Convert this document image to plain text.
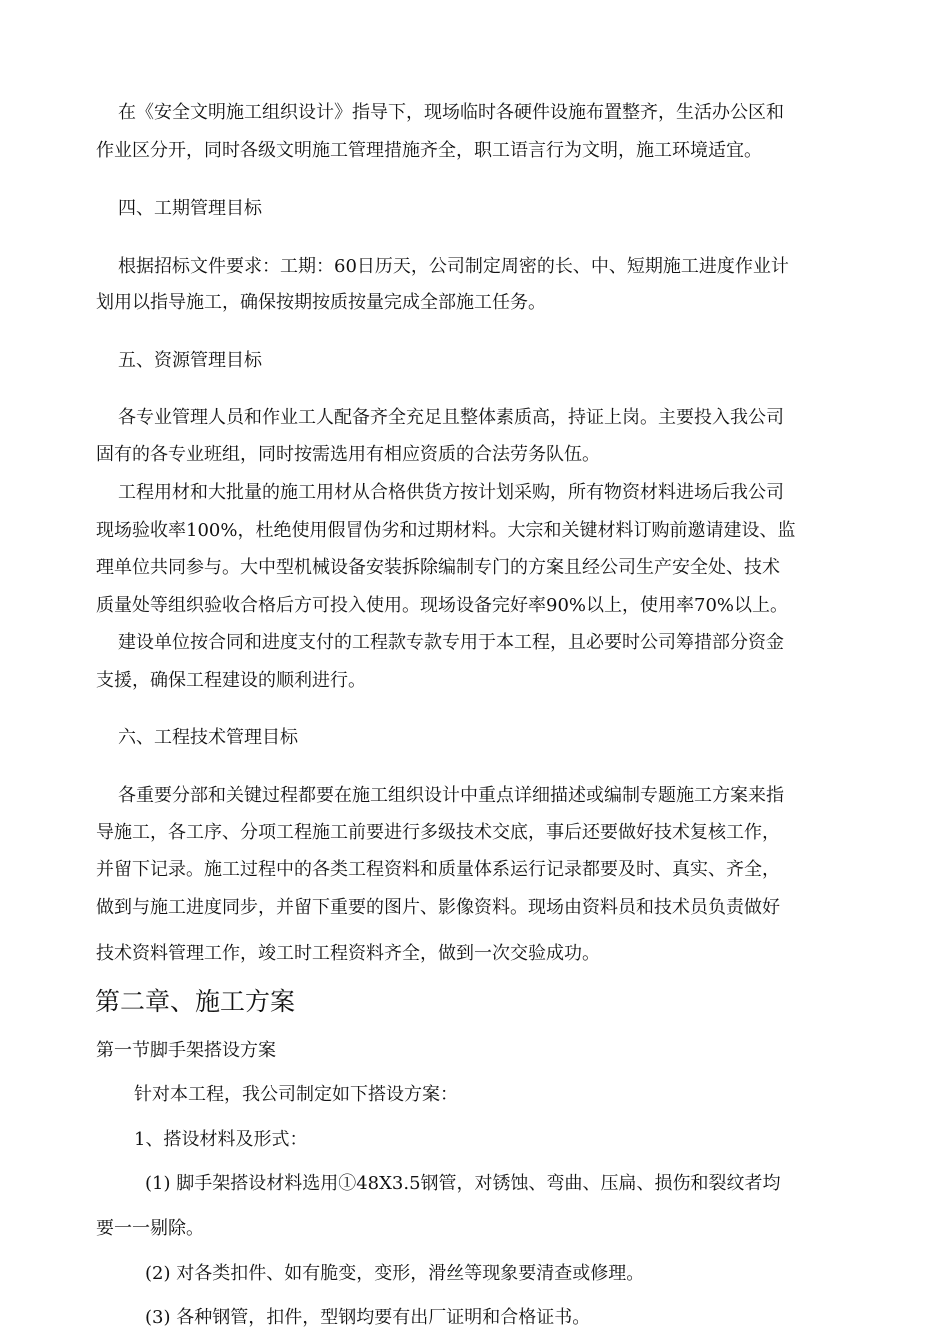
在《安全文明施工组织设计》指导下，现场临时各硬件设施布置整齐，生活办公区和

作业区分开，同时各级文明施工管理措施齐全，职工语言行为文明，施工环境适宜。

四、工期管理目标

根据招标文件要求：工期：60日历天，公司制定周密的长、中、短期施工进度作业计

划用以指导施工，确保按期按质按量完成全部施工任务。

五、资源管理目标

各专业管理人员和作业工人配备齐全充足且整体素质高，持证上岗。主要投入我公司

固有的各专业班组，同时按需选用有相应资质的合法劳务队伍。

工程用材和大批量的施工用材从合格供货方按计划采购，所有物资材料进场后我公司

现场验收率100%，杜绝使用假冒伪劣和过期材料。大宗和关键材料订购前邀请建设、监

理单位共同参与。大中型机械设备安装拆除编制专门的方案且经公司生产安全处、技术

质量处等组织验收合格后方可投入使用。现场设备完好率90%以上，使用率70%以上。

建设单位按合同和进度支付的工程款专款专用于本工程，且必要时公司筹措部分资金

支援，确保工程建设的顺利进行。

六、工程技术管理目标

各重要分部和关键过程都要在施工组织设计中重点详细描述或编制专题施工方案来指

导施工，各工序、分项工程施工前要进行多级技术交底，事后还要做好技术复核工作，

并留下记录。施工过程中的各类工程资料和质量体系运行记录都要及时、真实、齐全，

做到与施工进度同步，并留下重要的图片、影像资料。现场由资料员和技术员负责做好

技术资料管理工作，竣工时工程资料齐全，做到一次交验成功。

第二章、施工方案

第一节脚手架搭设方案

针对本工程，我公司制定如下搭设方案：

1、搭设材料及形式：

(1) 脚手架搭设材料选用①48X3.5钢管，对锈蚀、弯曲、压扁、损伤和裂纹者均

要一一剔除。

(2) 对各类扣件、如有脆变，变形，滑丝等现象要清查或修理。

(3) 各种钢管，扣件，型钢均要有出厂证明和合格证书。
